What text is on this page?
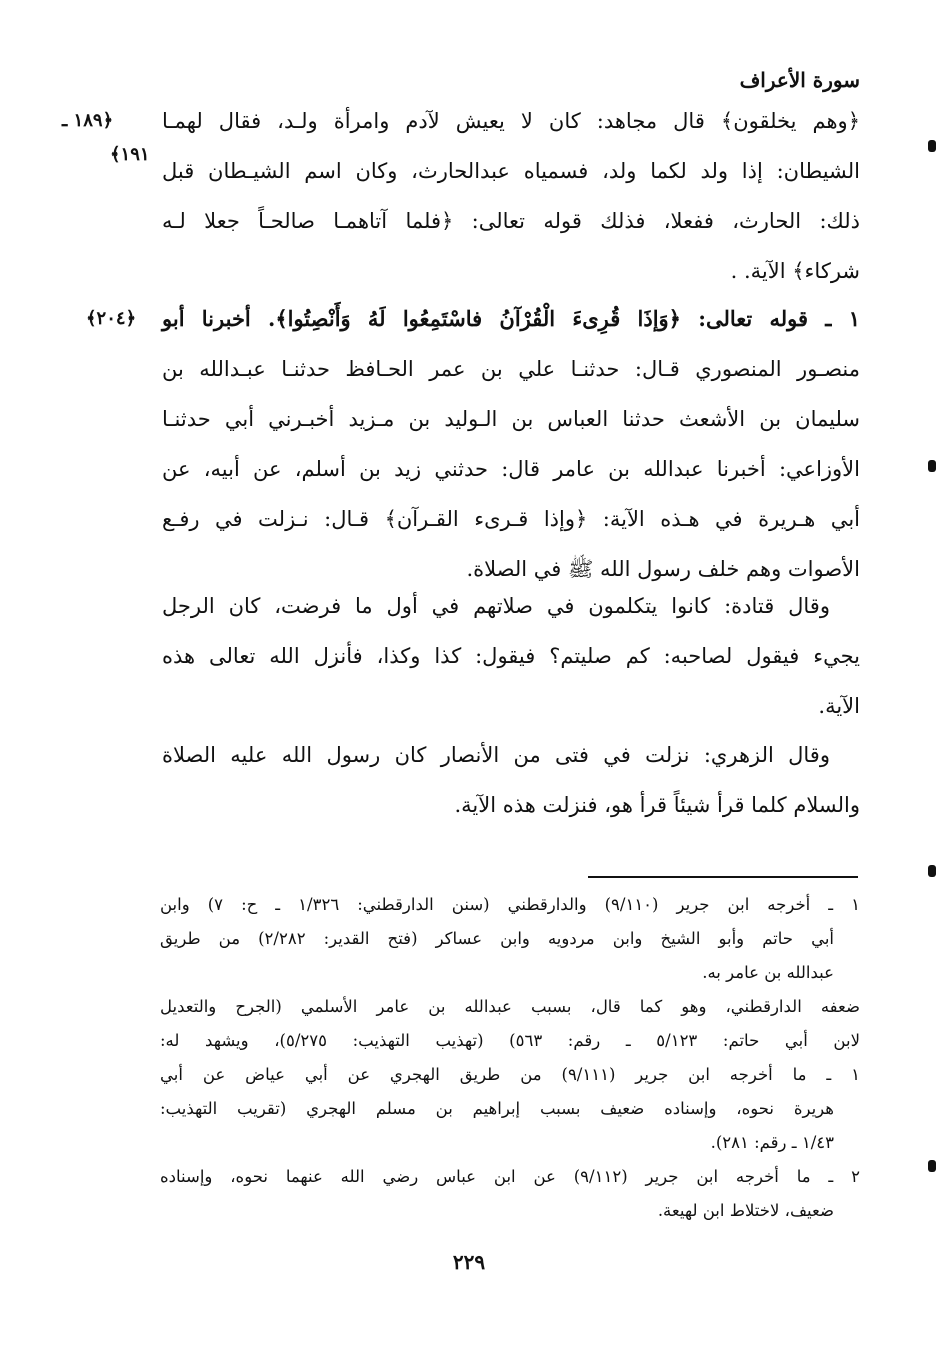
سورة الأعراف
﴿١٨٩ ـ
١٩١﴾
﴿وهم يخلقون﴾ قال مجاهد: كان لا يعيش لآدم وامرأة ولـد، فقال لهمـا
الشيطان: إذا ولد لكما ولد، فسمياه عبدالحارث، وكان اسم الشيـطان قبل
ذلك: الحارث، ففعلا، فذلك قوله تعالى: ﴿فلما آتاهمـا صالحـاً جعلا لـه
شركاء﴾ الآية. .
﴿٢٠٤﴾ ١ ـ قوله تعالى: ﴿وَإذَا قُرِىءَ الْقُرْآنُ فاسْتَمِعُوا لَهُ وَأَنْصِتُوا﴾. أخبرنا أبو
منصـور المنصوري قـال: حدثنـا علي بن عمر الحـافظ حدثنـا عبـدالله بن
سليمان بن الأشعث حدثنا العباس بن الـوليد بن مـزيد أخبـرني أبي حدثنـا
الأوزاعي: أخبرنا عبدالله بن عامر قال: حدثني زيد بن أسلم، عن أبيه، عن
أبي هـريرة في هـذه الآية: ﴿وإذا قـرىء القـرآن﴾ قـال: نـزلت في رفـع
الأصوات وهم خلف رسول الله ﷺ في الصلاة.
وقال قتادة: كانوا يتكلمون في صلاتهم في أول ما فرضت، كان الرجل
يجيء فيقول لصاحبه: كم صليتم؟ فيقول: كذا وكذا، فأنزل الله تعالى هذه
الآية.
وقال الزهري: نزلت في فتى من الأنصار كان رسول الله عليه الصلاة
والسلام كلما قرأ شيئاً قرأ هو، فنزلت هذه الآية.
١ ـ أخرجه ابن جرير (٩/١١٠) والدارقطني (سنن الدارقطني: ١/٣٢٦ ـ ح: ٧) وابن
أبي حاتم وأبو الشيخ وابن مردويه وابن عساكر (فتح القدير: ٢/٢٨٢) من طريق
عبدالله بن عامر به.
ضعفه الدارقطني، وهو كما قال، بسبب عبدالله بن عامر الأسلمي (الجرح والتعديل
لابن أبي حاتم: ٥/١٢٣ ـ رقم: ٥٦٣) (تهذيب التهذيب: ٥/٢٧٥)، ويشهد له:
١ ـ ما أخرجه ابن جرير (٩/١١١) من طريق الهجري عن أبي عياض عن أبي
هريرة نحوه، وإسناده ضعيف بسبب إبراهيم بن مسلم الهجري (تقريب التهذيب:
١/٤٣ ـ رقم: ٢٨١).
٢ ـ ما أخرجه ابن جرير (٩/١١٢) عن ابن عباس رضي الله عنهما نحوه، وإسناده
ضعيف، لاختلاط ابن لهيعة.
٢٢٩
